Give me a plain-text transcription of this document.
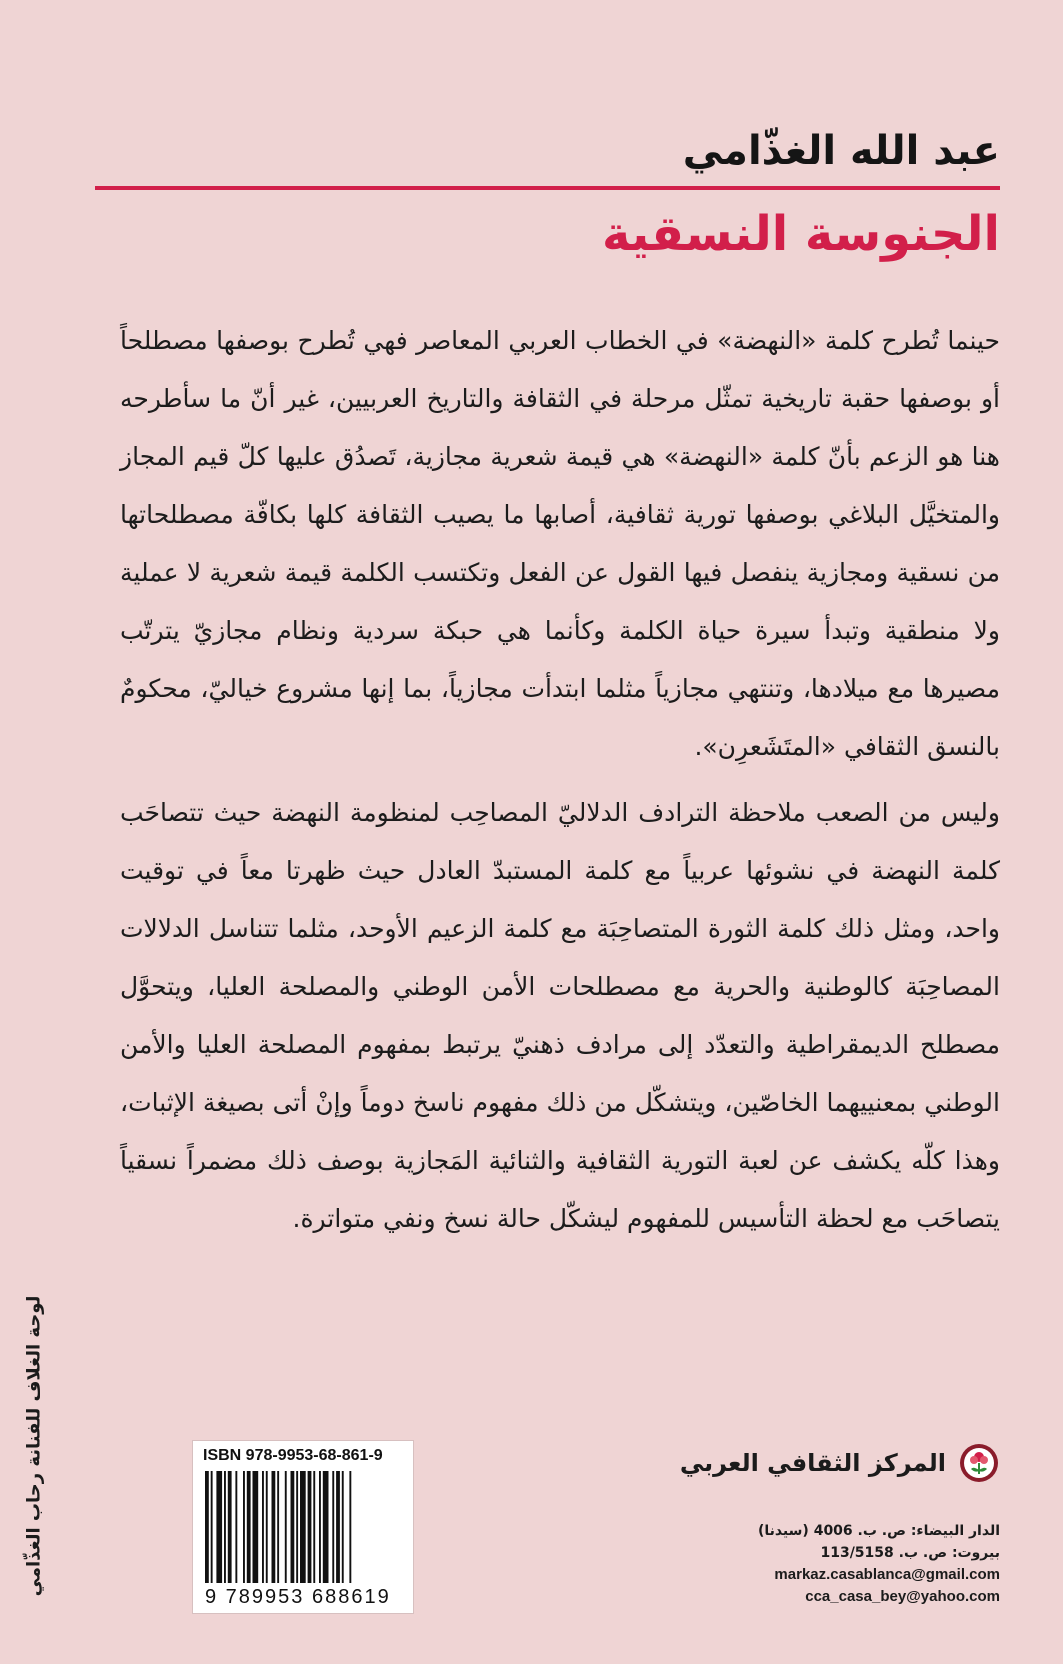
عبد الله الغذّامي
الجنوسة النسقية

حينما تُطرح كلمة «النهضة» في الخطاب العربي المعاصر فهي تُطرح بوصفها مصطلحاً أو بوصفها حقبة تاريخية تمثّل مرحلة في الثقافة والتاريخ العربيين، غير أنّ ما سأطرحه هنا هو الزعم بأنّ كلمة «النهضة» هي قيمة شعرية مجازية، تَصدُق عليها كلّ قيم المجاز والمتخيَّل البلاغي بوصفها تورية ثقافية، أصابها ما يصيب الثقافة كلها بكافّة مصطلحاتها من نسقية ومجازية ينفصل فيها القول عن الفعل وتكتسب الكلمة قيمة شعرية لا عملية ولا منطقية وتبدأ سيرة حياة الكلمة وكأنما هي حبكة سردية ونظام مجازيّ يترتّب مصيرها مع ميلادها، وتنتهي مجازياً مثلما ابتدأت مجازياً، بما إنها مشروع خياليّ، محكومٌ بالنسق الثقافي «المتَشَعرِن».

وليس من الصعب ملاحظة الترادف الدلاليّ المصاحِب لمنظومة النهضة حيث تتصاحَب كلمة النهضة في نشوئها عربياً مع كلمة المستبدّ العادل حيث ظهرتا معاً في توقيت واحد، ومثل ذلك كلمة الثورة المتصاحِبَة مع كلمة الزعيم الأوحد، مثلما تتناسل الدلالات المصاحِبَة كالوطنية والحرية مع مصطلحات الأمن الوطني والمصلحة العليا، ويتحوَّل مصطلح الديمقراطية والتعدّد إلى مرادف ذهنيّ يرتبط بمفهوم المصلحة العليا والأمن الوطني بمعنييهما الخاصّين، ويتشكّل من ذلك مفهوم ناسخ دوماً وإنْ أتى بصيغة الإثبات، وهذا كلّه يكشف عن لعبة التورية الثقافية والثنائية المَجازية بوصف ذلك مضمراً نسقياً يتصاحَب مع لحظة التأسيس للمفهوم ليشكّل حالة نسخ ونفي متواترة.

لوحة الغلاف للفنانة رحاب الغذّامي	ISBN 978-9953-68-861-9
9 789953 688619
المركز الثقافي العربي
الدار البيضاء: ص. ب. 4006 (سيدنا)
بيروت: ص. ب. 113/5158
markaz.casablanca@gmail.com
cca_casa_bey@yahoo.com
